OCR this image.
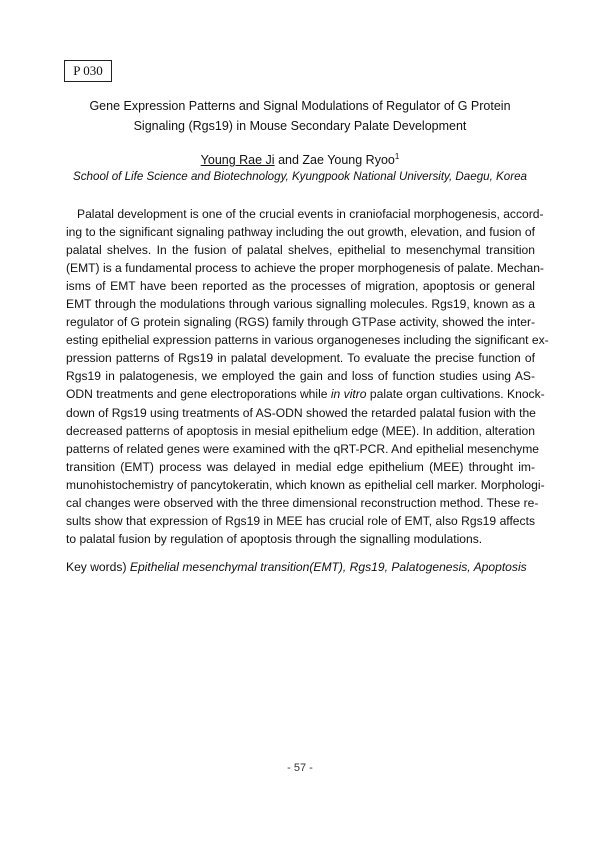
P 030
Gene Expression Patterns and Signal Modulations of Regulator of G Protein
Signaling (Rgs19) in Mouse Secondary Palate Development
Young Rae Ji and Zae Young Ryoo$^1$
School of Life Science and Biotechnology, Kyungpook National University, Daegu, Korea
Palatal development is one of the crucial events in craniofacial morphogenesis, accord-
ing to the significant signaling pathway including the out growth, elevation, and fusion of
palatal shelves. In the fusion of palatal shelves, epithelial to mesenchymal transition
(EMT) is a fundamental process to achieve the proper morphogenesis of palate. Mechan-
isms of EMT have been reported as the processes of migration, apoptosis or general
EMT through the modulations through various signalling molecules. Rgs19, known as a
regulator of G protein signaling (RGS) family through GTPase activity, showed the inter-
esting epithelial expression patterns in various organogeneses including the significant ex-
pression patterns of Rgs19 in palatal development. To evaluate the precise function of
Rgs19 in palatogenesis, we employed the gain and loss of function studies using AS-
ODN treatments and gene electroporations while in vitro palate organ cultivations. Knock-
down of Rgs19 using treatments of AS-ODN showed the retarded palatal fusion with the
decreased patterns of apoptosis in mesial epithelium edge (MEE). In addition, alteration
patterns of related genes were examined with the qRT-PCR. And epithelial mesenchyme
transition (EMT) process was delayed in medial edge epithelium (MEE) throught im-
munohistochemistry of pancytokeratin, which known as epithelial cell marker. Morphologi-
cal changes were observed with the three dimensional reconstruction method. These re-
sults show that expression of Rgs19 in MEE has crucial role of EMT, also Rgs19 affects
to palatal fusion by regulation of apoptosis through the signalling modulations.
Key words) Epithelial mesenchymal transition(EMT), Rgs19, Palatogenesis, Apoptosis
- 57 -
